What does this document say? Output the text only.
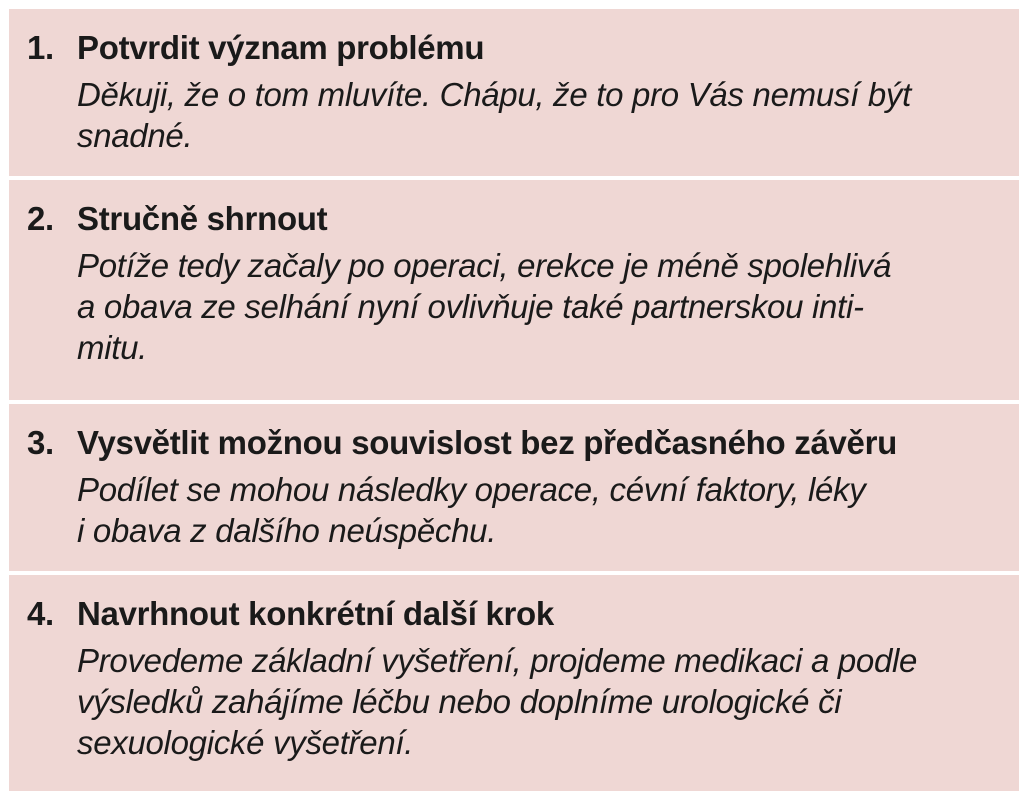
1. Potvrdit význam problému
Děkuji, že o tom mluvíte. Chápu, že to pro Vás nemusí být
snadné.
2. Stručně shrnout
Potíže tedy začaly po operaci, erekce je méně spolehlivá
a obava ze selhání nyní ovlivňuje také partnerskou inti-
mitu.
3. Vysvětlit možnou souvislost bez předčasného závěru
Podílet se mohou následky operace, cévní faktory, léky
i obava z dalšího neúspěchu.
4. Navrhnout konkrétní další krok
Provedeme základní vyšetření, projdeme medikaci a podle
výsledků zahájíme léčbu nebo doplníme urologické či
sexuologické vyšetření.
